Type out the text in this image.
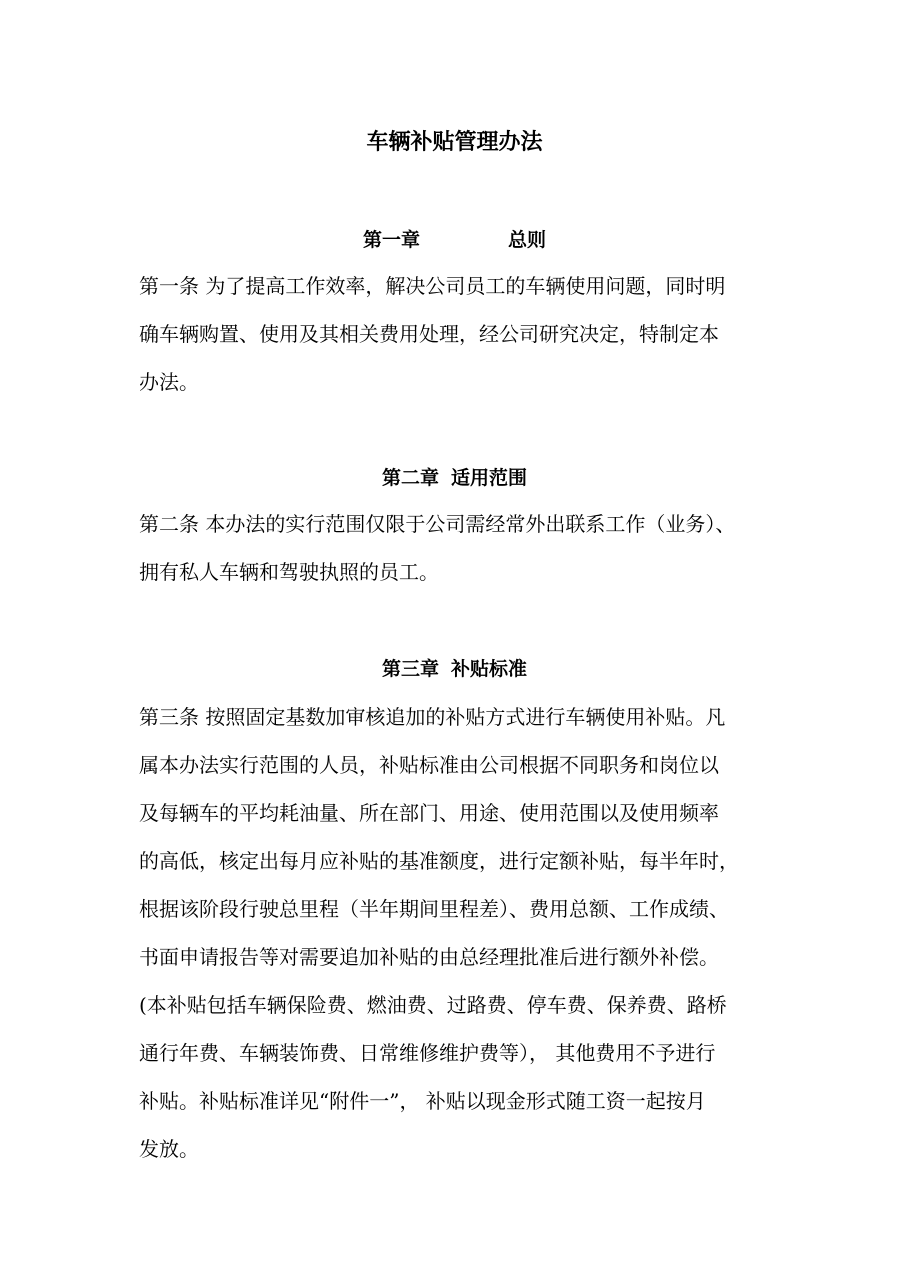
车辆补贴管理办法
第一章	总则
第一条 为了提高工作效率，解决公司员工的车辆使用问题，同时明
确车辆购置、使用及其相关费用处理，经公司研究决定，特制定本
办法。
第二章 适用范围
第二条 本办法的实行范围仅限于公司需经常外出联系工作（业务）、
拥有私人车辆和驾驶执照的员工。
第三章 补贴标准
第三条 按照固定基数加审核追加的补贴方式进行车辆使用补贴。凡
属本办法实行范围的人员，补贴标准由公司根据不同职务和岗位以
及每辆车的平均耗油量、所在部门、用途、使用范围以及使用频率
的高低，核定出每月应补贴的基准额度，进行定额补贴，每半年时，
根据该阶段行驶总里程（半年期间里程差）、费用总额、工作成绩、
书面申请报告等对需要追加补贴的由总经理批准后进行额外补偿。
(本补贴包括车辆保险费、燃油费、过路费、停车费、保养费、路桥
通行年费、车辆装饰费、日常维修维护费等）， 其他费用不予进行
补贴。补贴标准详见“附件一”， 补贴以现金形式随工资一起按月
发放。
